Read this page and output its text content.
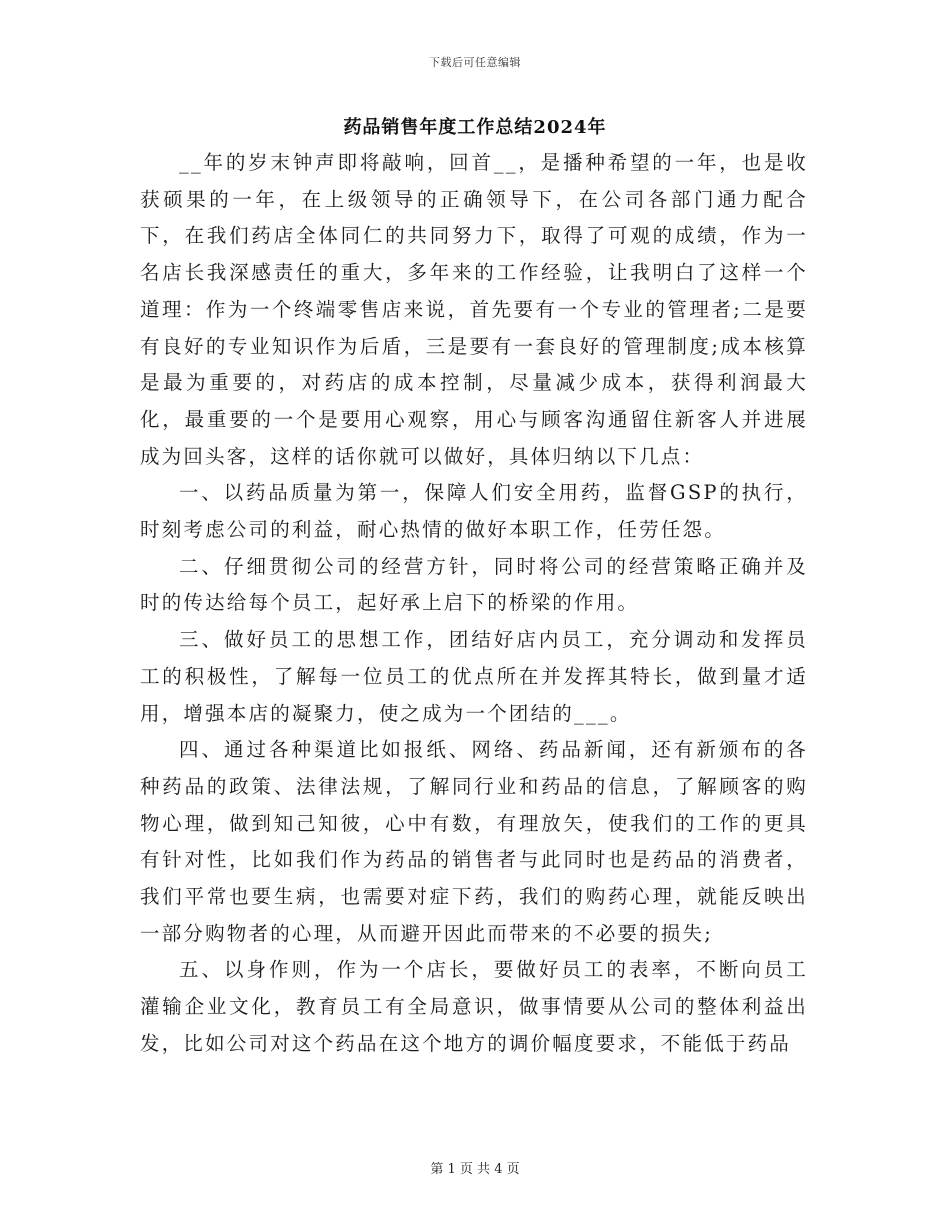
下载后可任意编辑
药品销售年度工作总结2024年

__年的岁末钟声即将敲响，回首__，是播种希望的一年，也是收获硕果的一年，在上级领导的正确领导下，在公司各部门通力配合下，在我们药店全体同仁的共同努力下，取得了可观的成绩，作为一名店长我深感责任的重大，多年来的工作经验，让我明白了这样一个道理：作为一个终端零售店来说，首先要有一个专业的管理者;二是要有良好的专业知识作为后盾，三是要有一套良好的管理制度;成本核算是最为重要的，对药店的成本控制，尽量减少成本，获得利润最大化，最重要的一个是要用心观察，用心与顾客沟通留住新客人并进展成为回头客，这样的话你就可以做好，具体归纳以下几点：

一、以药品质量为第一，保障人们安全用药，监督GSP的执行，时刻考虑公司的利益，耐心热情的做好本职工作，任劳任怨。

二、仔细贯彻公司的经营方针，同时将公司的经营策略正确并及时的传达给每个员工，起好承上启下的桥梁的作用。

三、做好员工的思想工作，团结好店内员工，充分调动和发挥员工的积极性，了解每一位员工的优点所在并发挥其特长，做到量才适用，增强本店的凝聚力，使之成为一个团结的___。

四、通过各种渠道比如报纸、网络、药品新闻，还有新颁布的各种药品的政策、法律法规，了解同行业和药品的信息，了解顾客的购物心理，做到知己知彼，心中有数，有理放矢，使我们的工作的更具有针对性，比如我们作为药品的销售者与此同时也是药品的消费者，我们平常也要生病，也需要对症下药，我们的购药心理，就能反映出一部分购物者的心理，从而避开因此而带来的不必要的损失;

五、以身作则，作为一个店长，要做好员工的表率，不断向员工灌输企业文化，教育员工有全局意识，做事情要从公司的整体利益出发，比如公司对这个药品在这个地方的调价幅度要求，不能低于药品

第 1 页 共 4 页
